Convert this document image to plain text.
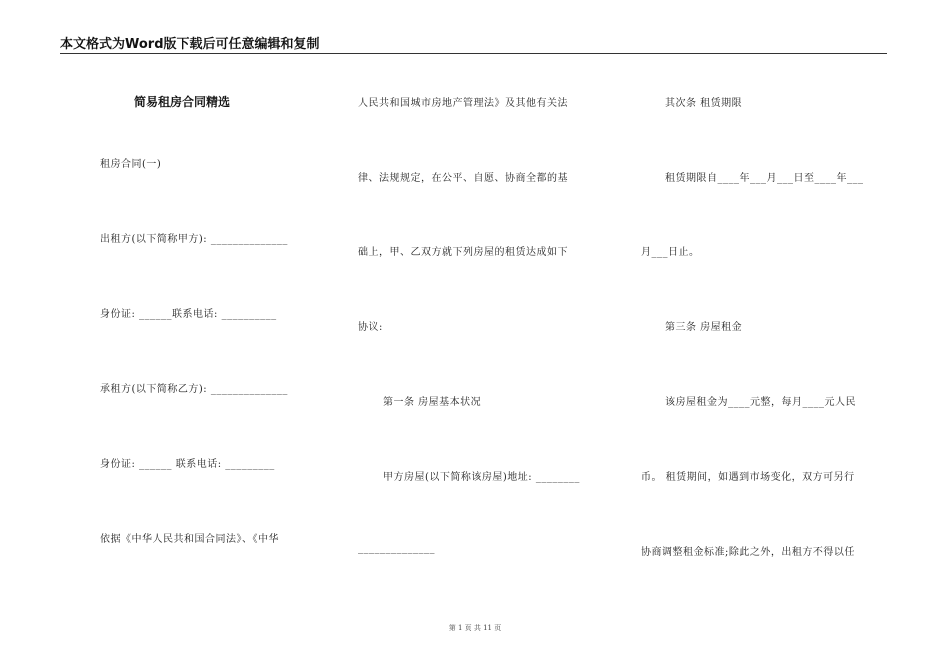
本文格式为Word版下载后可任意编辑和复制
简易租房合同精选
租房合同(一)
出租方(以下简称甲方): ______________
身份证: ______联系电话: __________
承租方(以下简称乙方): ______________
身份证: ______ 联系电话: _________
依据《中华人民共和国合同法》、《中华
人民共和国城市房地产管理法》及其他有关法
律、法规规定，在公平、自愿、协商全都的基
础上，甲、乙双方就下列房屋的租赁达成如下
协议:
第一条 房屋基本状况
甲方房屋(以下简称该房屋)地址: ________
______________
其次条 租赁期限
租赁期限自____年___月___日至____年___
月___日止。
第三条 房屋租金
该房屋租金为____元整，每月____元人民
币。 租赁期间，如遇到市场变化，双方可另行
协商调整租金标准;除此之外，出租方不得以任
第 1 页 共 11 页
